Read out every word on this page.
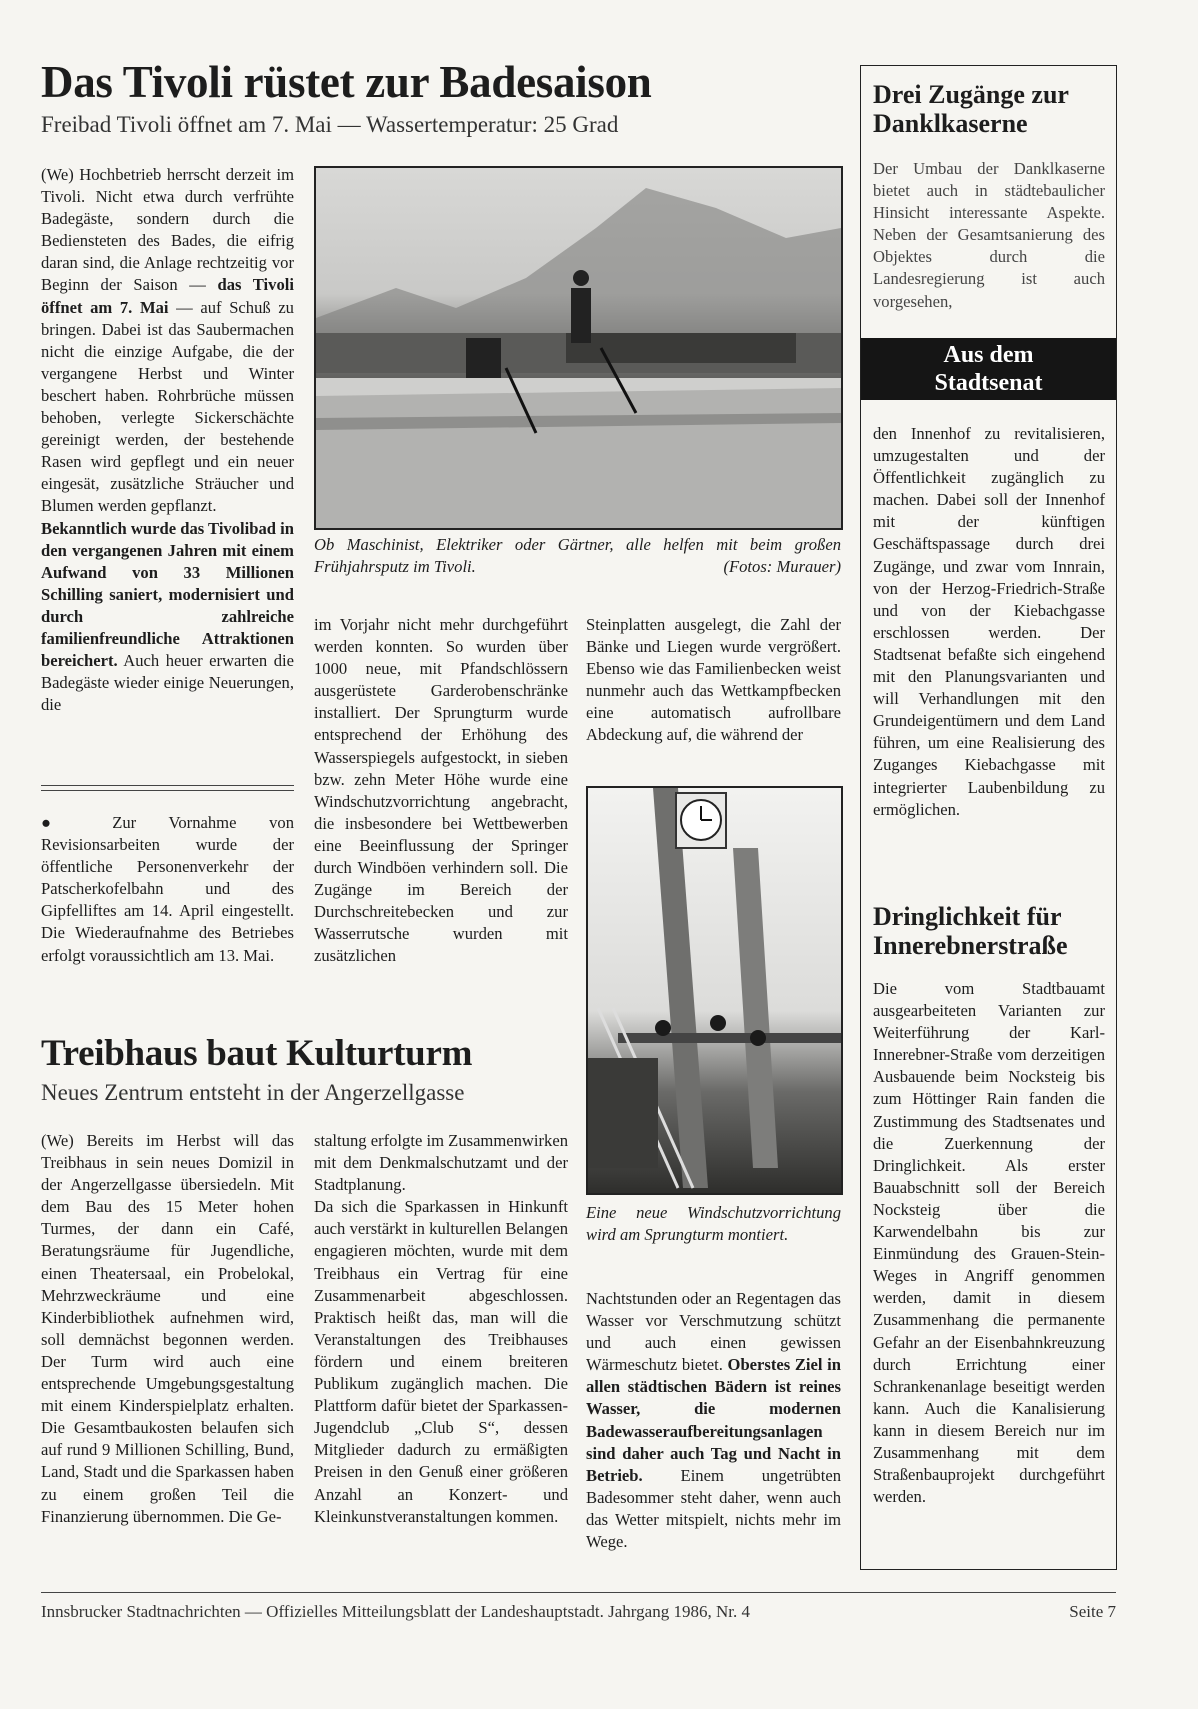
Das Tivoli rüstet zur Badesaison
Freibad Tivoli öffnet am 7. Mai — Wassertemperatur: 25 Grad

(We) Hochbetrieb herrscht derzeit im Tivoli. Nicht etwa durch verfrühte Badegäste, sondern durch die Bediensteten des Bades, die eifrig daran sind, die Anlage rechtzeitig vor Beginn der Saison — das Tivoli öffnet am 7. Mai — auf Schuß zu bringen. Dabei ist das Saubermachen nicht die einzige Aufgabe, die der vergangene Herbst und Winter beschert haben. Rohrbrüche müssen behoben, verlegte Sickerschächte gereinigt werden, der bestehende Rasen wird gepflegt und ein neuer eingesät, zusätzliche Sträucher und Blumen werden gepflanzt.

Bekanntlich wurde das Tivolibad in den vergangenen Jahren mit einem Aufwand von 33 Millionen Schilling saniert, modernisiert und durch zahlreiche familienfreundliche Attraktionen bereichert. Auch heuer erwarten die Badegäste wieder einige Neuerungen, die

● Zur Vornahme von Revisionsarbeiten wurde der öffentliche Personenverkehr der Patscherkofelbahn und des Gipfelliftes am 14. April eingestellt. Die Wiederaufnahme des Betriebes erfolgt voraussichtlich am 13. Mai.

Ob Maschinist, Elektriker oder Gärtner, alle helfen mit beim großen Frühjahrsputz im Tivoli.	(Fotos: Murauer)

im Vorjahr nicht mehr durchgeführt werden konnten. So wurden über 1000 neue, mit Pfandschlössern ausgerüstete Garderobenschränke installiert. Der Sprungturm wurde entsprechend der Erhöhung des Wasserspiegels aufgestockt, in sieben bzw. zehn Meter Höhe wurde eine Windschutzvorrichtung angebracht, die insbesondere bei Wettbewerben eine Beeinflussung der Springer durch Windböen verhindern soll. Die Zugänge im Bereich der Durchschreitebecken und zur Wasserrutsche wurden mit zusätzlichen

Steinplatten ausgelegt, die Zahl der Bänke und Liegen wurde vergrößert. Ebenso wie das Familienbecken weist nunmehr auch das Wettkampfbecken eine automatisch aufrollbare Abdeckung auf, die während der

Eine neue Windschutzvorrichtung wird am Sprungturm montiert.

Nachtstunden oder an Regentagen das Wasser vor Verschmutzung schützt und auch einen gewissen Wärmeschutz bietet. Oberstes Ziel in allen städtischen Bädern ist reines Wasser, die modernen Badewasseraufbereitungsanlagen sind daher auch Tag und Nacht in Betrieb. Einem ungetrübten Badesommer steht daher, wenn auch das Wetter mitspielt, nichts mehr im Wege.

Treibhaus baut Kulturturm
Neues Zentrum entsteht in der Angerzellgasse

(We) Bereits im Herbst will das Treibhaus in sein neues Domizil in der Angerzellgasse übersiedeln. Mit dem Bau des 15 Meter hohen Turmes, der dann ein Café, Beratungsräume für Jugendliche, einen Theatersaal, ein Probelokal, Mehrzweckräume und eine Kinderbibliothek aufnehmen wird, soll demnächst begonnen werden. Der Turm wird auch eine entsprechende Umgebungsgestaltung mit einem Kinderspielplatz erhalten. Die Gesamtbaukosten belaufen sich auf rund 9 Millionen Schilling, Bund, Land, Stadt und die Sparkassen haben zu einem großen Teil die Finanzierung übernommen. Die Ge-

staltung erfolgte im Zusammenwirken mit dem Denkmalschutzamt und der Stadtplanung.

Da sich die Sparkassen in Hinkunft auch verstärkt in kulturellen Belangen engagieren möchten, wurde mit dem Treibhaus ein Vertrag für eine Zusammenarbeit abgeschlossen. Praktisch heißt das, man will die Veranstaltungen des Treibhauses fördern und einem breiteren Publikum zugänglich machen. Die Plattform dafür bietet der Sparkassen-Jugendclub „Club S“, dessen Mitglieder dadurch zu ermäßigten Preisen in den Genuß einer größeren Anzahl an Konzert- und Kleinkunstveranstaltungen kommen.

Drei Zugänge zur Danklkaserne
Der Umbau der Danklkaserne bietet auch in städtebaulicher Hinsicht interessante Aspekte. Neben der Gesamtsanierung des Objektes durch die Landesregierung ist auch vorgesehen,
Aus dem Stadtsenat
den Innenhof zu revitalisieren, umzugestalten und der Öffentlichkeit zugänglich zu machen. Dabei soll der Innenhof mit der künftigen Geschäftspassage durch drei Zugänge, und zwar vom Innrain, von der Herzog-Friedrich-Straße und von der Kiebachgasse erschlossen werden. Der Stadtsenat befaßte sich eingehend mit den Planungsvarianten und will Verhandlungen mit den Grundeigentümern und dem Land führen, um eine Realisierung des Zuganges Kiebachgasse mit integrierter Laubenbildung zu ermöglichen.
Dringlichkeit für Innerebnerstraße
Die vom Stadtbauamt ausgearbeiteten Varianten zur Weiterführung der Karl-Innerebner-Straße vom derzeitigen Ausbauende beim Nocksteig bis zum Höttinger Rain fanden die Zustimmung des Stadtsenates und die Zuerkennung der Dringlichkeit. Als erster Bauabschnitt soll der Bereich Nocksteig über die Karwendelbahn bis zur Einmündung des Grauen-Stein-Weges in Angriff genommen werden, damit in diesem Zusammenhang die permanente Gefahr an der Eisenbahnkreuzung durch Errichtung einer Schrankenanlage beseitigt werden kann. Auch die Kanalisierung kann in diesem Bereich nur im Zusammenhang mit dem Straßenbauprojekt durchgeführt werden.
Innsbrucker Stadtnachrichten — Offizielles Mitteilungsblatt der Landeshauptstadt. Jahrgang 1986, Nr. 4	Seite 7
